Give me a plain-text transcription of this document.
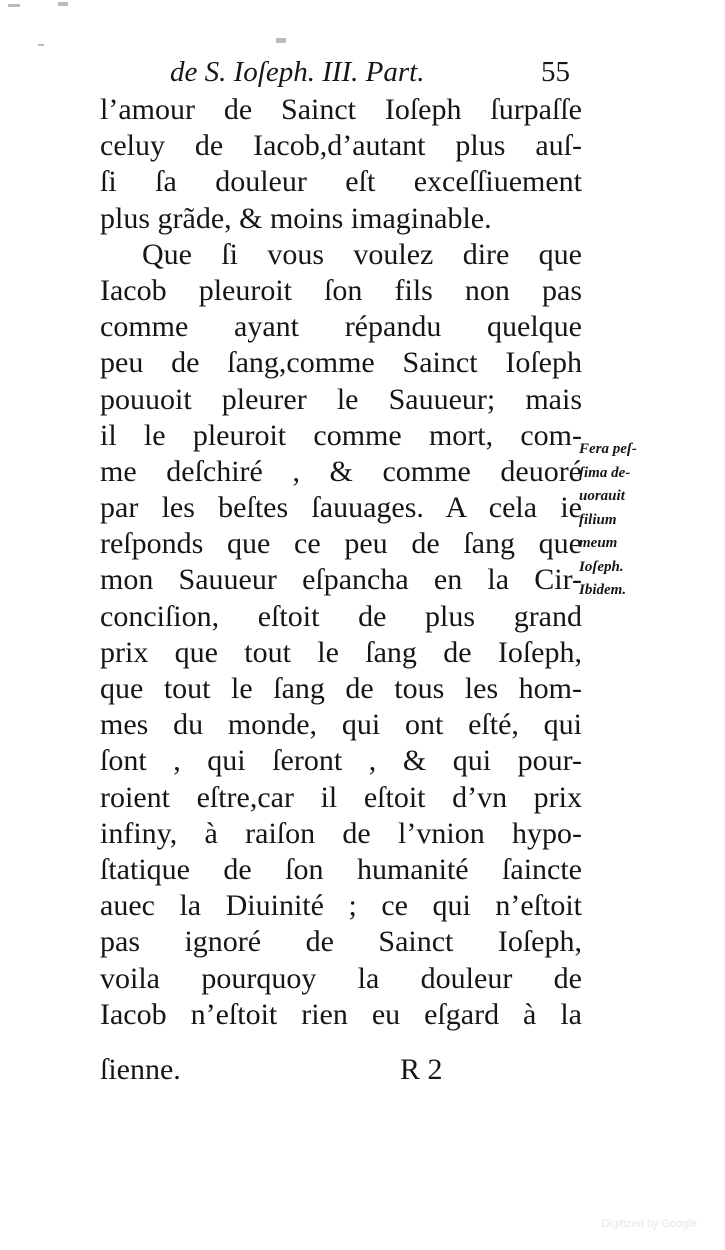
de S. Ioſeph. III. Part.	55
l’amour de Sainct Ioſeph ſurpaſſe
celuy de Iacob,d’autant plus auſ-
ſi ſa douleur eſt exceſſiuement
plus grãde, & moins imaginable.
Que ſi vous voulez dire que
Iacob pleuroit ſon fils non pas
comme ayant répandu quelque
peu de ſang,comme Sainct Ioſeph
pouuoit pleurer le Sauueur; mais
il le pleuroit comme mort, com-
me deſchiré , & comme deuoré
par les beſtes ſauuages. A cela ie
reſponds que ce peu de ſang que
mon Sauueur eſpancha en la Cir-
conciſion, eſtoit de plus grand
prix que tout le ſang de Ioſeph,
que tout le ſang de tous les hom-
mes du monde, qui ont eſté, qui
ſont , qui ſeront , & qui pour-
roient eſtre,car il eſtoit d’vn prix
infiny, à raiſon de l’vnion hypo-
ſtatique de ſon humanité ſaincte
auec la Diuinité ; ce qui n’eſtoit
pas ignoré de Sainct Ioſeph,
voila pourquoy la douleur de
Iacob n’eſtoit rien eu eſgard à la
Fera peſ-
ſima de-
uorauit
filium
meum
Ioſeph.
Ibidem.
ſienne.	R 2
Digitized by Google
